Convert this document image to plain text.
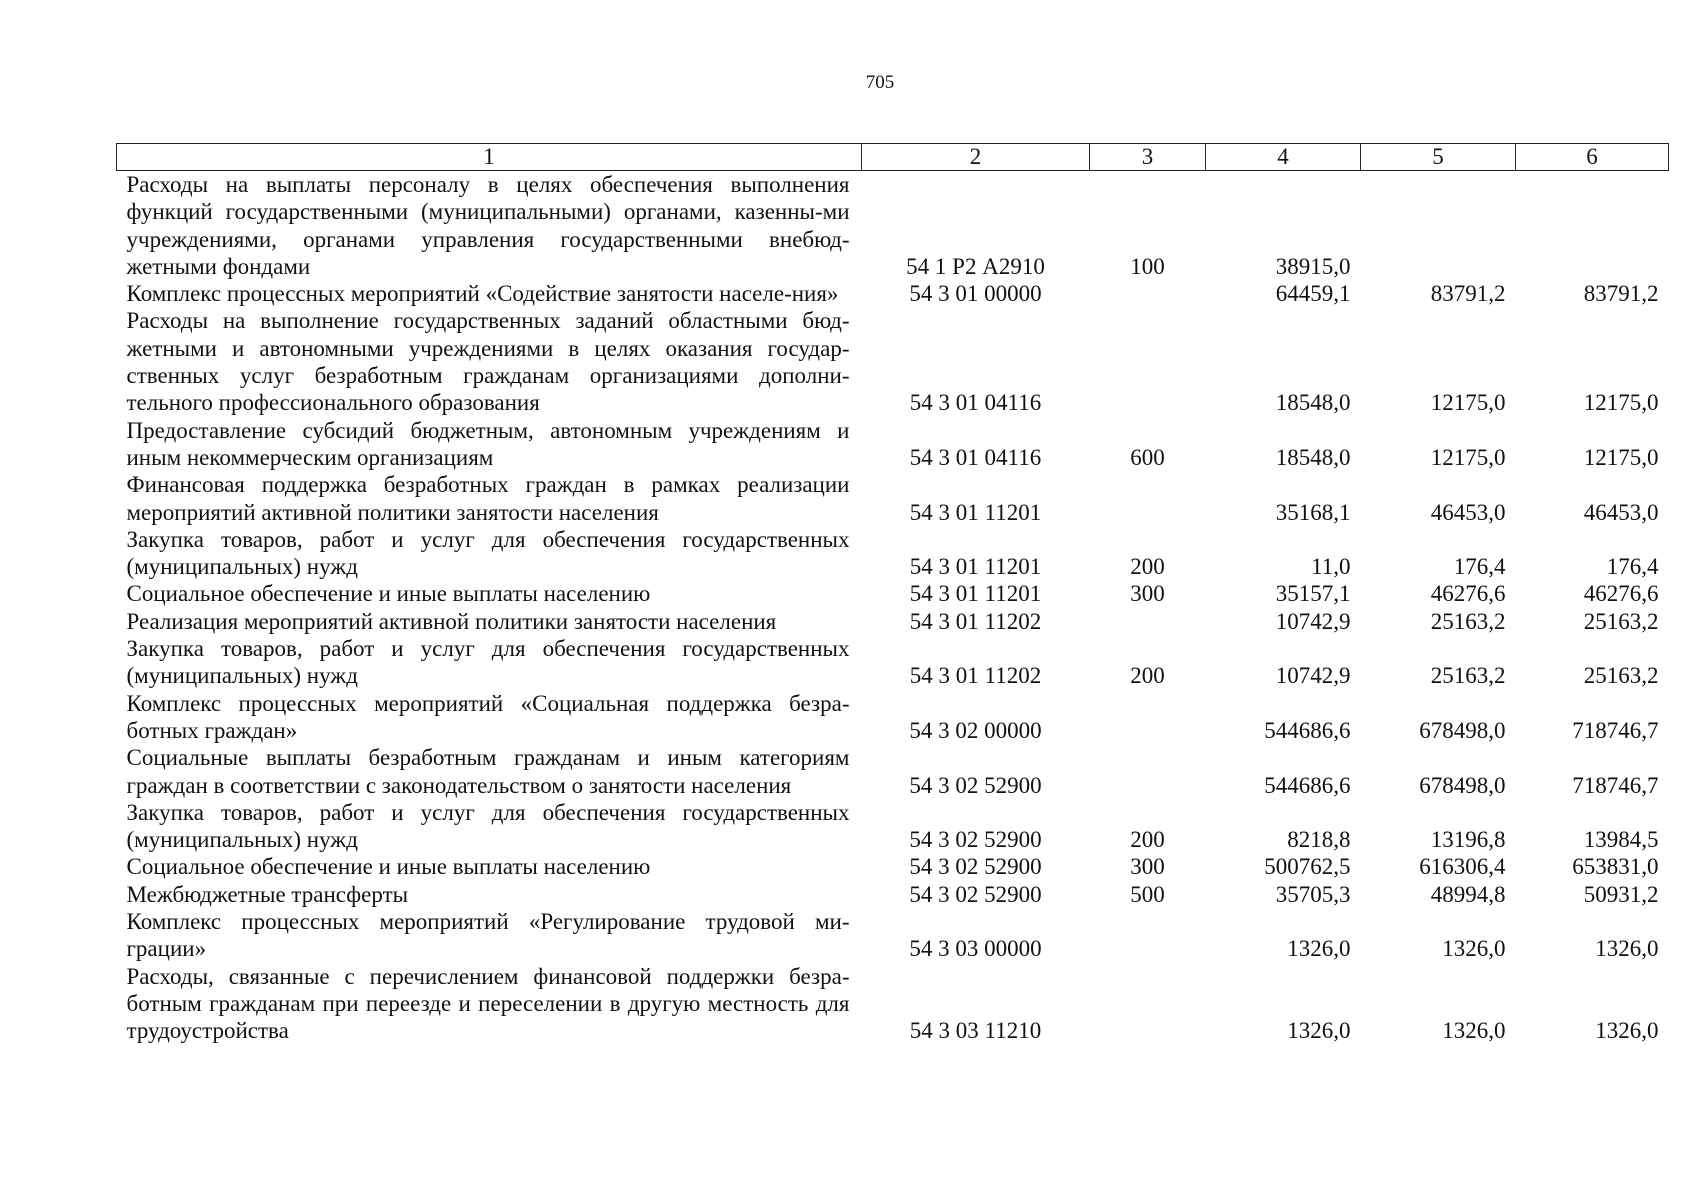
705
1	2	3	4	5	6
Расходы на выплаты персоналу в целях обеспечения выполнения функций государственными (муниципальными) органами, казенны-ми учреждениями, органами управления государственными внебюд-жетными фондами	54 1 Р2 А2910	100	38915,0		
Комплекс процессных мероприятий «Содействие занятости населе-ния»	54 3 01 00000		64459,1	83791,2	83791,2
Расходы на выполнение государственных заданий областными бюд-жетными и автономными учреждениями в целях оказания государ-ственных услуг безработным гражданам организациями дополни-тельного профессионального образования	54 3 01 04116		18548,0	12175,0	12175,0
Предоставление субсидий бюджетным, автономным учреждениям и иным некоммерческим организациям	54 3 01 04116	600	18548,0	12175,0	12175,0
Финансовая поддержка безработных граждан в рамках реализации мероприятий активной политики занятости населения	54 3 01 11201		35168,1	46453,0	46453,0
Закупка товаров, работ и услуг для обеспечения государственных (муниципальных) нужд	54 3 01 11201	200	11,0	176,4	176,4
Социальное обеспечение и иные выплаты населению	54 3 01 11201	300	35157,1	46276,6	46276,6
Реализация мероприятий активной политики занятости населения	54 3 01 11202		10742,9	25163,2	25163,2
Закупка товаров, работ и услуг для обеспечения государственных (муниципальных) нужд	54 3 01 11202	200	10742,9	25163,2	25163,2
Комплекс процессных мероприятий «Социальная поддержка безра-ботных граждан»	54 3 02 00000		544686,6	678498,0	718746,7
Социальные выплаты безработным гражданам и иным категориям граждан в соответствии с законодательством о занятости населения	54 3 02 52900		544686,6	678498,0	718746,7
Закупка товаров, работ и услуг для обеспечения государственных (муниципальных) нужд	54 3 02 52900	200	8218,8	13196,8	13984,5
Социальное обеспечение и иные выплаты населению	54 3 02 52900	300	500762,5	616306,4	653831,0
Межбюджетные трансферты	54 3 02 52900	500	35705,3	48994,8	50931,2
Комплекс процессных мероприятий «Регулирование трудовой ми-грации»	54 3 03 00000		1326,0	1326,0	1326,0
Расходы, связанные с перечислением финансовой поддержки безра-ботным гражданам при переезде и переселении в другую местность для трудоустройства	54 3 03 11210		1326,0	1326,0	1326,0
